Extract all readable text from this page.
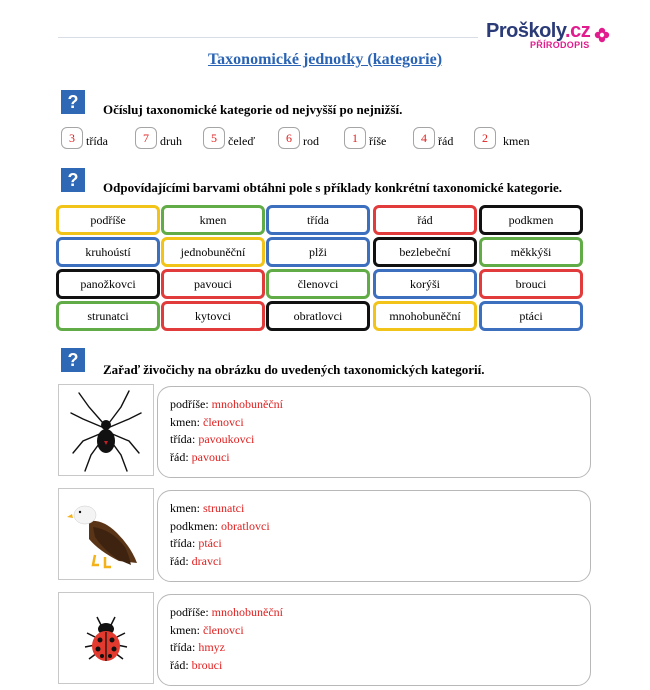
Proškoly.cz
PŘÍRODOPIS
Taxonomické jednotky (kategorie)
?	Očísluj taxonomické kategorie od nejvyšší po nejnižší.
3 třída	7 druh	5 čeleď	6 rod	1 říše	4 řád	2	kmen
?	Odpovídajícími barvami obtáhni pole s příklady konkrétní taxonomické kategorie.
podříše	kmen	třída	řád	podkmen
kruhoústí	jednobuněční	plži	bezlebeční	měkkýši
panožkovci	pavouci	členovci	korýši	brouci
strunatci	kytovci	obratlovci	mnohobuněční	ptáci
?	Zařaď živočichy na obrázku do uvedených taxonomických kategorií.
podříše: mnohobuněční
kmen: členovci
třída: pavoukovci
řád: pavouci
kmen: strunatci
podkmen: obratlovci
třída: ptáci
řád: dravci
podříše: mnohobuněční
kmen: členovci
třída: hmyz
řád: brouci
